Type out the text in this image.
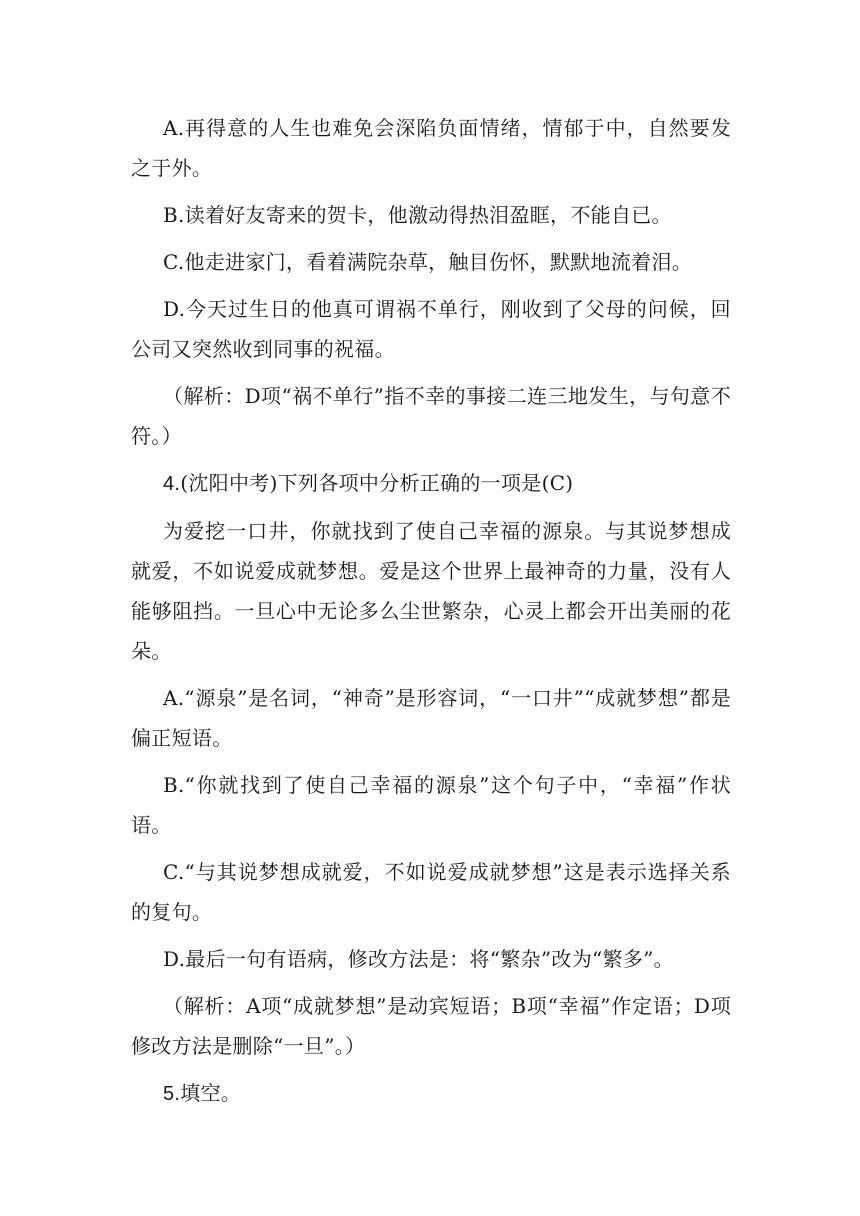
A.再得意的人生也难免会深陷负面情绪，情郁于中，自然要发之于外。

B.读着好友寄来的贺卡，他激动得热泪盈眶，不能自已。

C.他走进家门，看着满院杂草，触目伤怀，默默地流着泪。

D.今天过生日的他真可谓祸不单行，刚收到了父母的问候，回公司又突然收到同事的祝福。

（解析：D项“祸不单行”指不幸的事接二连三地发生，与句意不符。）

4.(沈阳中考)下列各项中分析正确的一项是(C)

为爱挖一口井，你就找到了使自己幸福的源泉。与其说梦想成就爱，不如说爱成就梦想。爱是这个世界上最神奇的力量，没有人能够阻挡。一旦心中无论多么尘世繁杂，心灵上都会开出美丽的花朵。

A.“源泉”是名词，“神奇”是形容词，“一口井”“成就梦想”都是偏正短语。

B.“你就找到了使自己幸福的源泉”这个句子中，“幸福”作状语。

C.“与其说梦想成就爱，不如说爱成就梦想”这是表示选择关系的复句。

D.最后一句有语病，修改方法是：将“繁杂”改为“繁多”。

（解析：A项“成就梦想”是动宾短语；B项“幸福”作定语；D项修改方法是删除“一旦”。）

5.填空。
